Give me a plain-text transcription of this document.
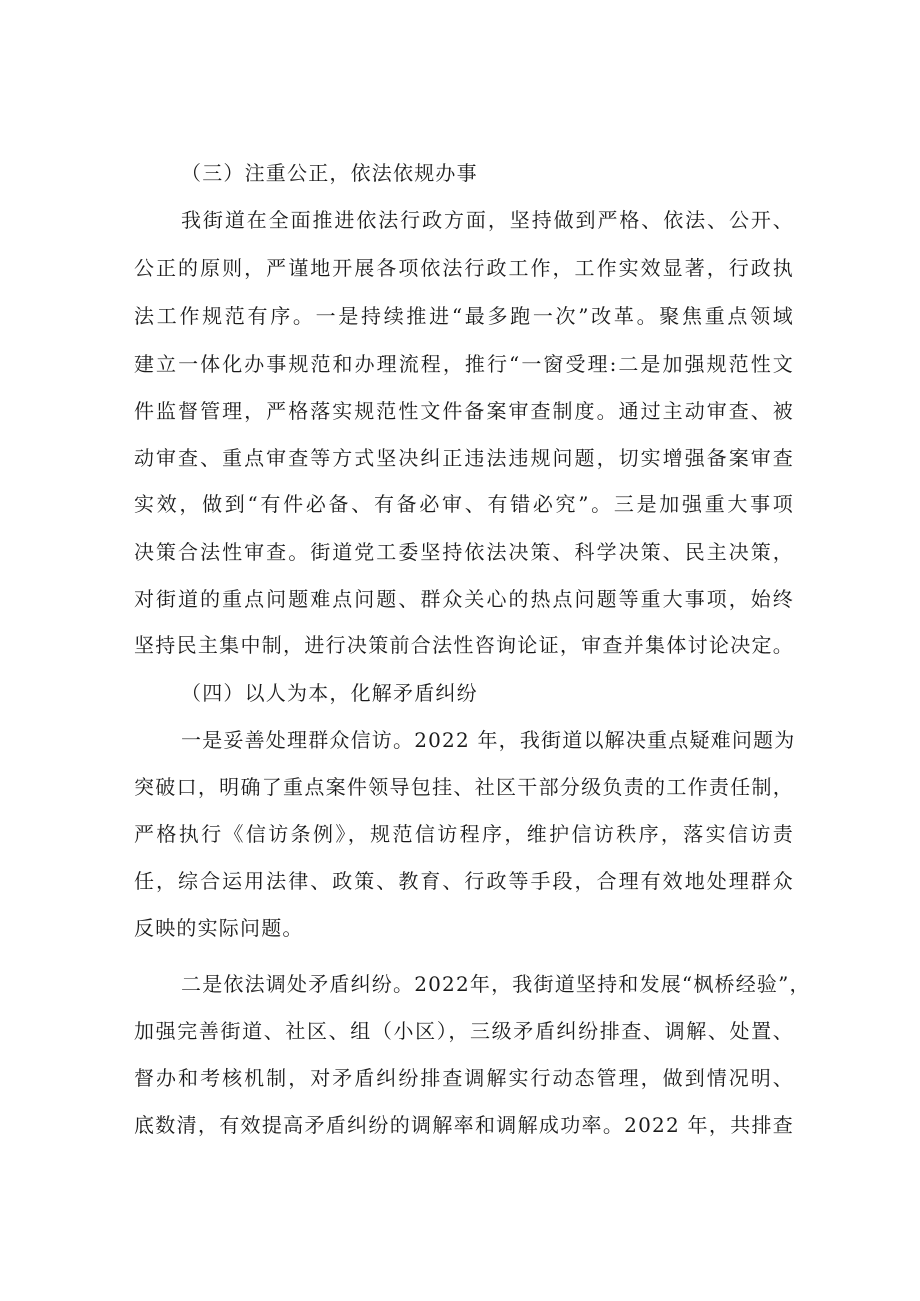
（三）注重公正，依法依规办事
我街道在全面推进依法行政方面，坚持做到严格、依法、公开、
公正的原则，严谨地开展各项依法行政工作，工作实效显著，行政执
法工作规范有序。一是持续推进“最多跑一次”改革。聚焦重点领域
建立一体化办事规范和办理流程，推行“一窗受理:二是加强规范性文
件监督管理，严格落实规范性文件备案审查制度。通过主动审查、被
动审查、重点审查等方式坚决纠正违法违规问题，切实增强备案审查
实效，做到“有件必备、有备必审、有错必究”。三是加强重大事项
决策合法性审查。街道党工委坚持依法决策、科学决策、民主决策，
对街道的重点问题难点问题、群众关心的热点问题等重大事项，始终
坚持民主集中制，进行决策前合法性咨询论证，审查并集体讨论决定。
（四）以人为本，化解矛盾纠纷
一是妥善处理群众信访。2022 年，我街道以解决重点疑难问题为
突破口，明确了重点案件领导包挂、社区干部分级负责的工作责任制，
严格执行《信访条例》，规范信访程序，维护信访秩序，落实信访责
任，综合运用法律、政策、教育、行政等手段，合理有效地处理群众
反映的实际问题。
二是依法调处矛盾纠纷。2022年，我街道坚持和发展“枫桥经验”，
加强完善街道、社区、组（小区），三级矛盾纠纷排查、调解、处置、
督办和考核机制，对矛盾纠纷排查调解实行动态管理，做到情况明、
底数清，有效提高矛盾纠纷的调解率和调解成功率。2022 年，共排查
